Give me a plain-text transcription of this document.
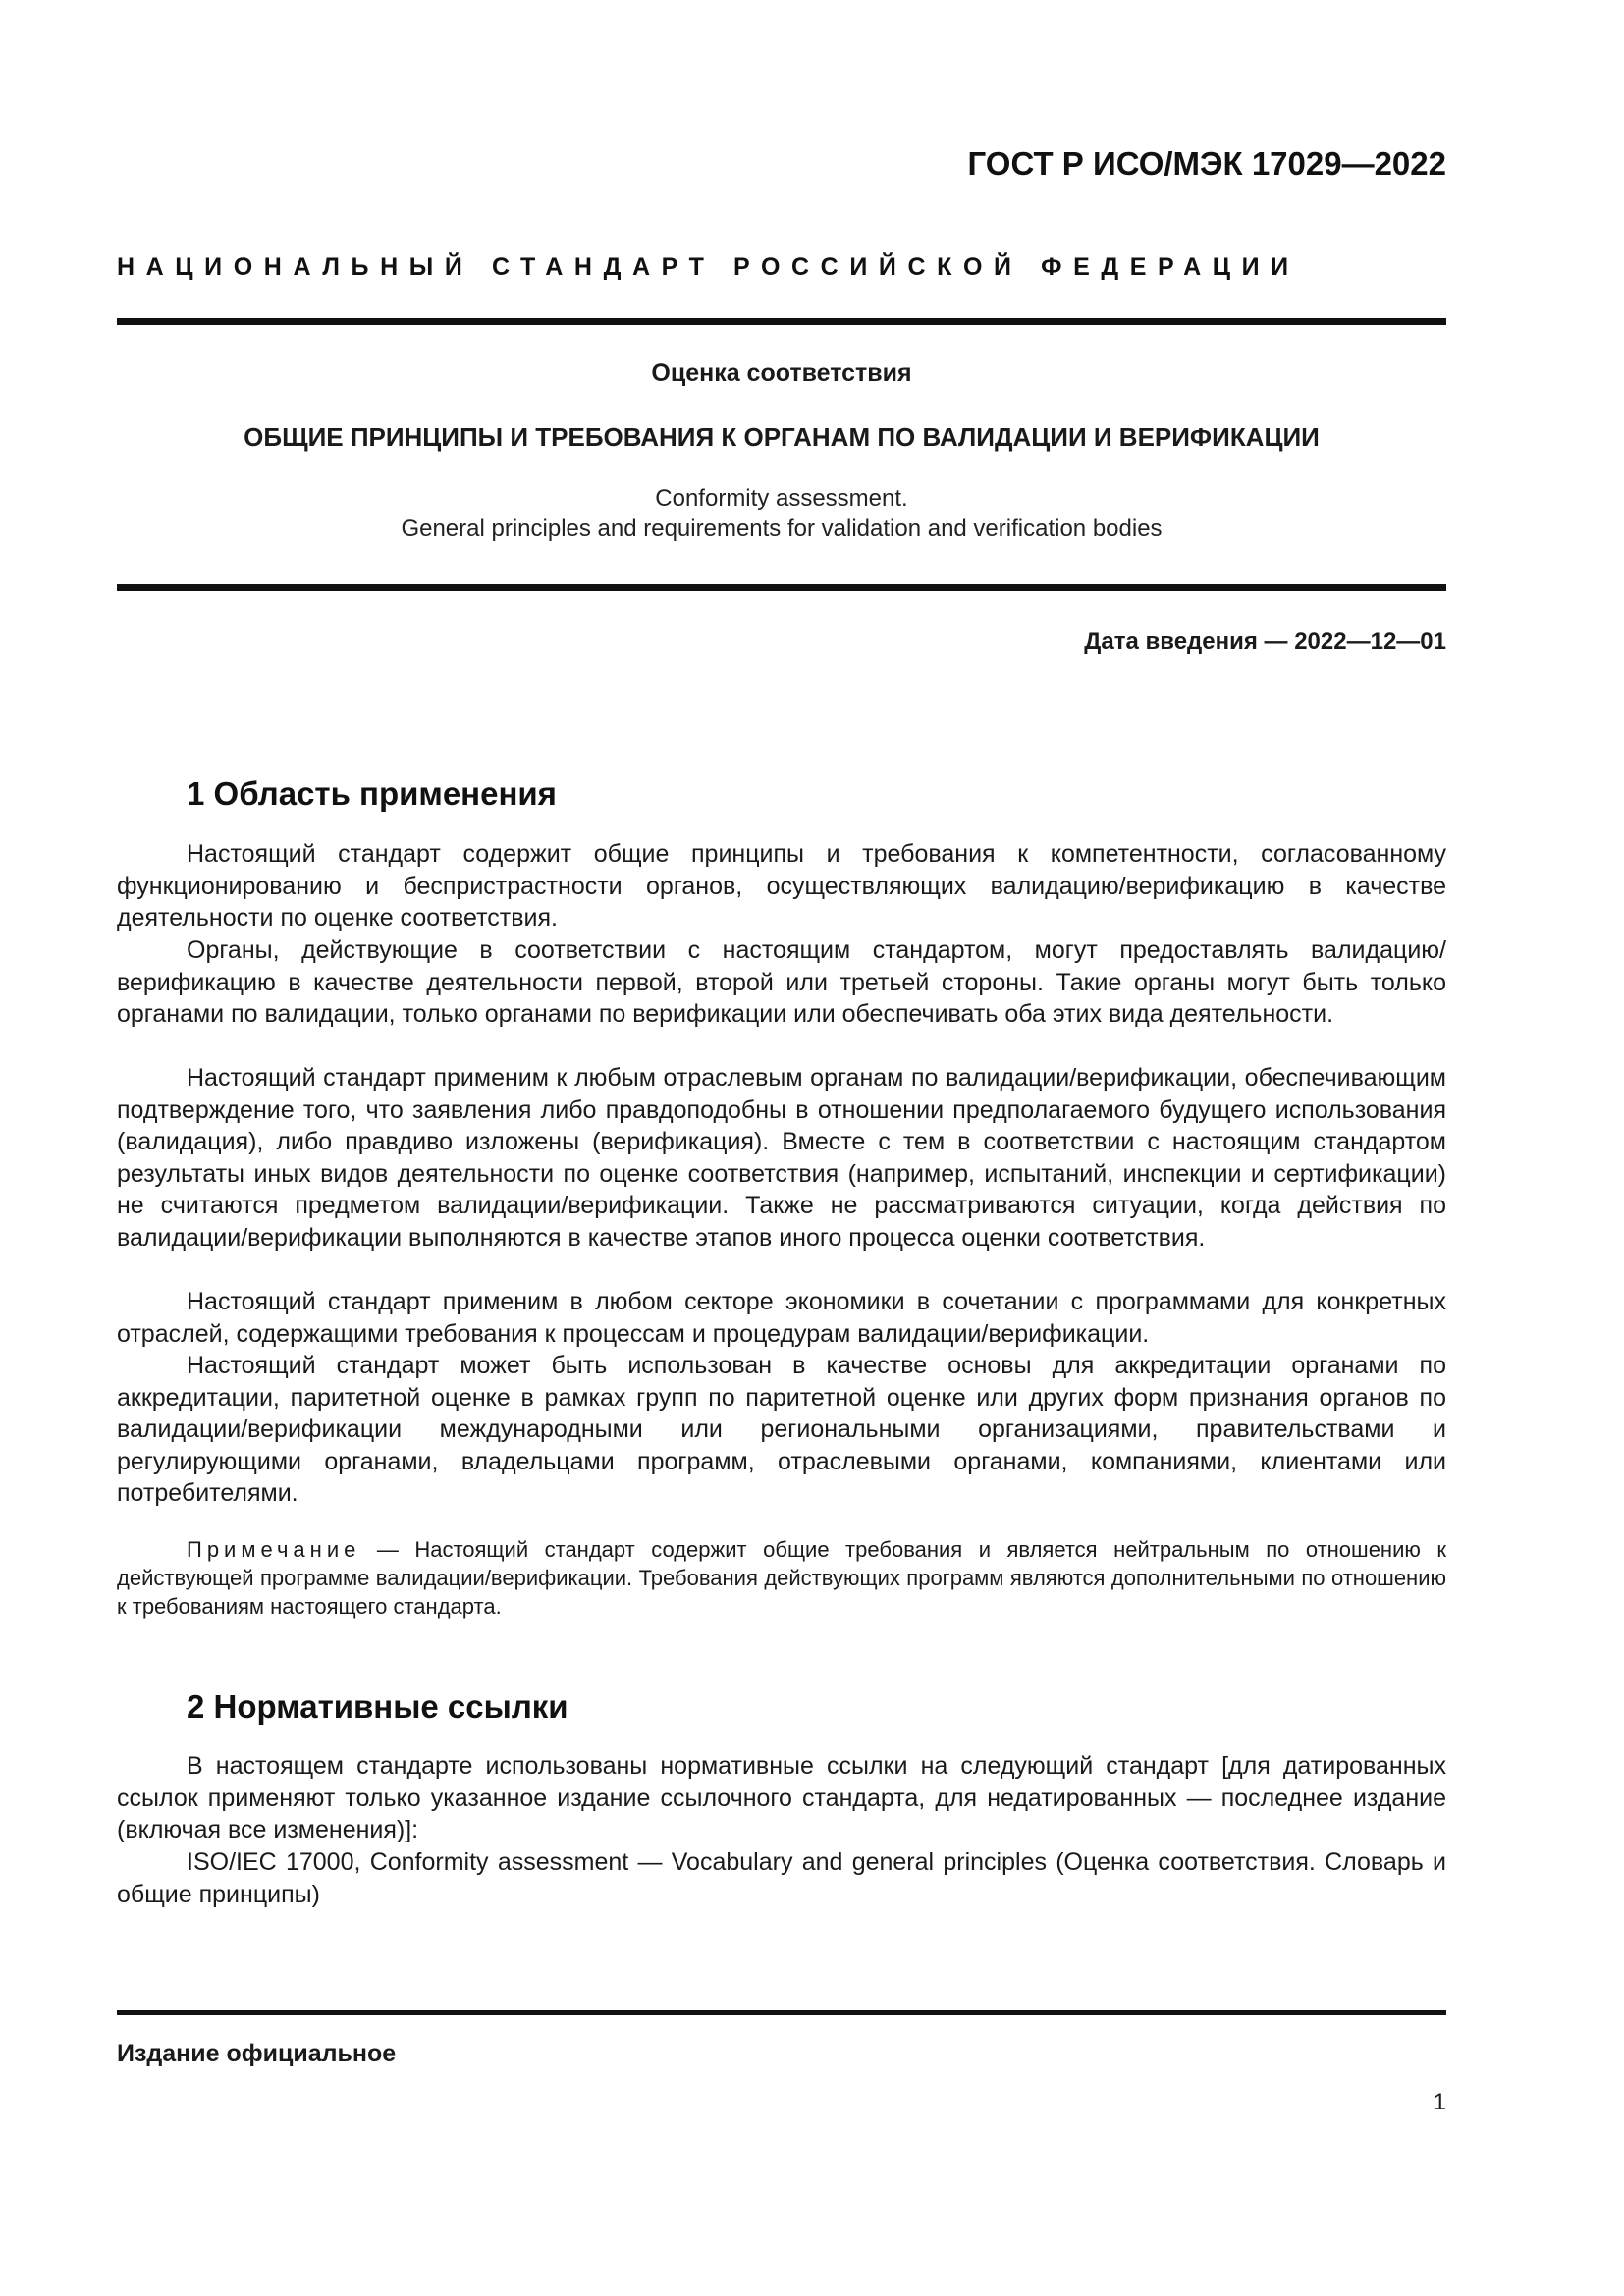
ГОСТ Р ИСО/МЭК 17029—2022
НАЦИОНАЛЬНЫЙ СТАНДАРТ РОССИЙСКОЙ ФЕДЕРАЦИИ
Оценка соответствия
ОБЩИЕ ПРИНЦИПЫ И ТРЕБОВАНИЯ К ОРГАНАМ ПО ВАЛИДАЦИИ И ВЕРИФИКАЦИИ
Conformity assessment.
General principles and requirements for validation and verification bodies
Дата введения — 2022—12—01
1 Область применения

Настоящий стандарт содержит общие принципы и требования к компетентности, согласованному функционированию и беспристрастности органов, осуществляющих валидацию/верификацию в качестве деятельности по оценке соответствия.

Органы, действующие в соответствии с настоящим стандартом, могут предоставлять валидацию/верификацию в качестве деятельности первой, второй или третьей стороны. Такие органы могут быть только органами по валидации, только органами по верификации или обеспечивать оба этих вида деятельности.

Настоящий стандарт применим к любым отраслевым органам по валидации/верификации, обеспечивающим подтверждение того, что заявления либо правдоподобны в отношении предполагаемого будущего использования (валидация), либо правдиво изложены (верификация). Вместе с тем в соответствии с настоящим стандартом результаты иных видов деятельности по оценке соответствия (например, испытаний, инспекции и сертификации) не считаются предметом валидации/верификации. Также не рассматриваются ситуации, когда действия по валидации/верификации выполняются в качестве этапов иного процесса оценки соответствия.

Настоящий стандарт применим в любом секторе экономики в сочетании с программами для конкретных отраслей, содержащими требования к процессам и процедурам валидации/верификации.

Настоящий стандарт может быть использован в качестве основы для аккредитации органами по аккредитации, паритетной оценке в рамках групп по паритетной оценке или других форм признания органов по валидации/верификации международными или региональными организациями, правительствами и регулирующими органами, владельцами программ, отраслевыми органами, компаниями, клиентами или потребителями.

Примечание — Настоящий стандарт содержит общие требования и является нейтральным по отношению к действующей программе валидации/верификации. Требования действующих программ являются дополнительными по отношению к требованиям настоящего стандарта.

2 Нормативные ссылки

В настоящем стандарте использованы нормативные ссылки на следующий стандарт [для датированных ссылок применяют только указанное издание ссылочного стандарта, для недатированных — последнее издание (включая все изменения)]:

ISO/IEC 17000, Conformity assessment — Vocabulary and general principles (Оценка соответствия. Словарь и общие принципы)

Издание официальное
1
